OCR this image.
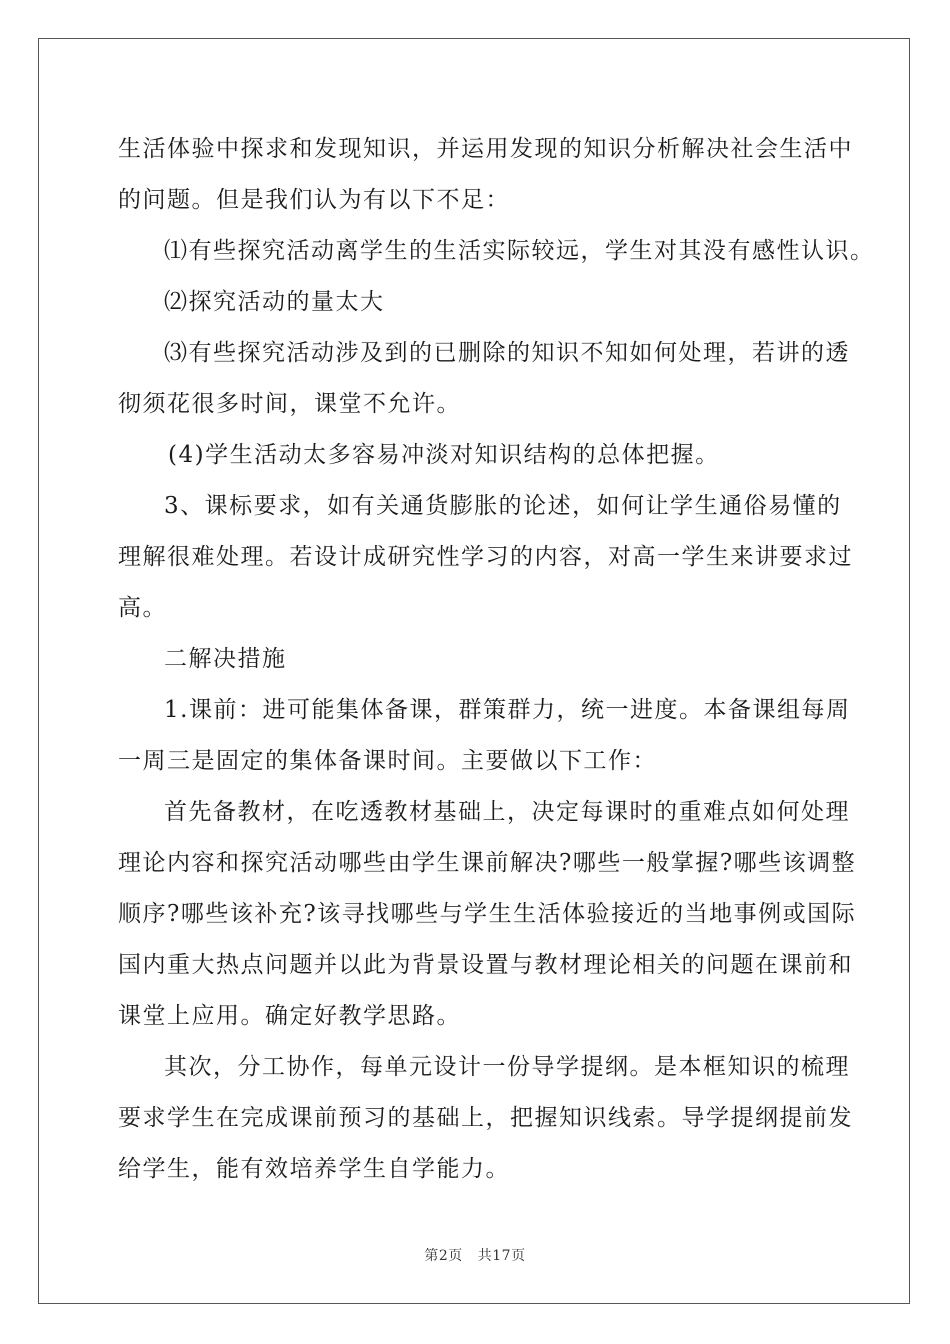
生活体验中探求和发现知识，并运用发现的知识分析解决社会生活中
的问题。但是我们认为有以下不足：
⑴有些探究活动离学生的生活实际较远，学生对其没有感性认识。
⑵探究活动的量太大
⑶有些探究活动涉及到的已删除的知识不知如何处理，若讲的透
彻须花很多时间，课堂不允许。
(4)学生活动太多容易冲淡对知识结构的总体把握。
3、课标要求，如有关通货膨胀的论述，如何让学生通俗易懂的
理解很难处理。若设计成研究性学习的内容，对高一学生来讲要求过
高。
二解决措施
1.课前：进可能集体备课，群策群力，统一进度。本备课组每周
一周三是固定的集体备课时间。主要做以下工作：
首先备教材，在吃透教材基础上，决定每课时的重难点如何处理
理论内容和探究活动哪些由学生课前解决?哪些一般掌握?哪些该调整
顺序?哪些该补充?该寻找哪些与学生生活体验接近的当地事例或国际
国内重大热点问题并以此为背景设置与教材理论相关的问题在课前和
课堂上应用。确定好教学思路。
其次，分工协作，每单元设计一份导学提纲。是本框知识的梳理
要求学生在完成课前预习的基础上，把握知识线索。导学提纲提前发
给学生，能有效培养学生自学能力。
第2页 共17页
